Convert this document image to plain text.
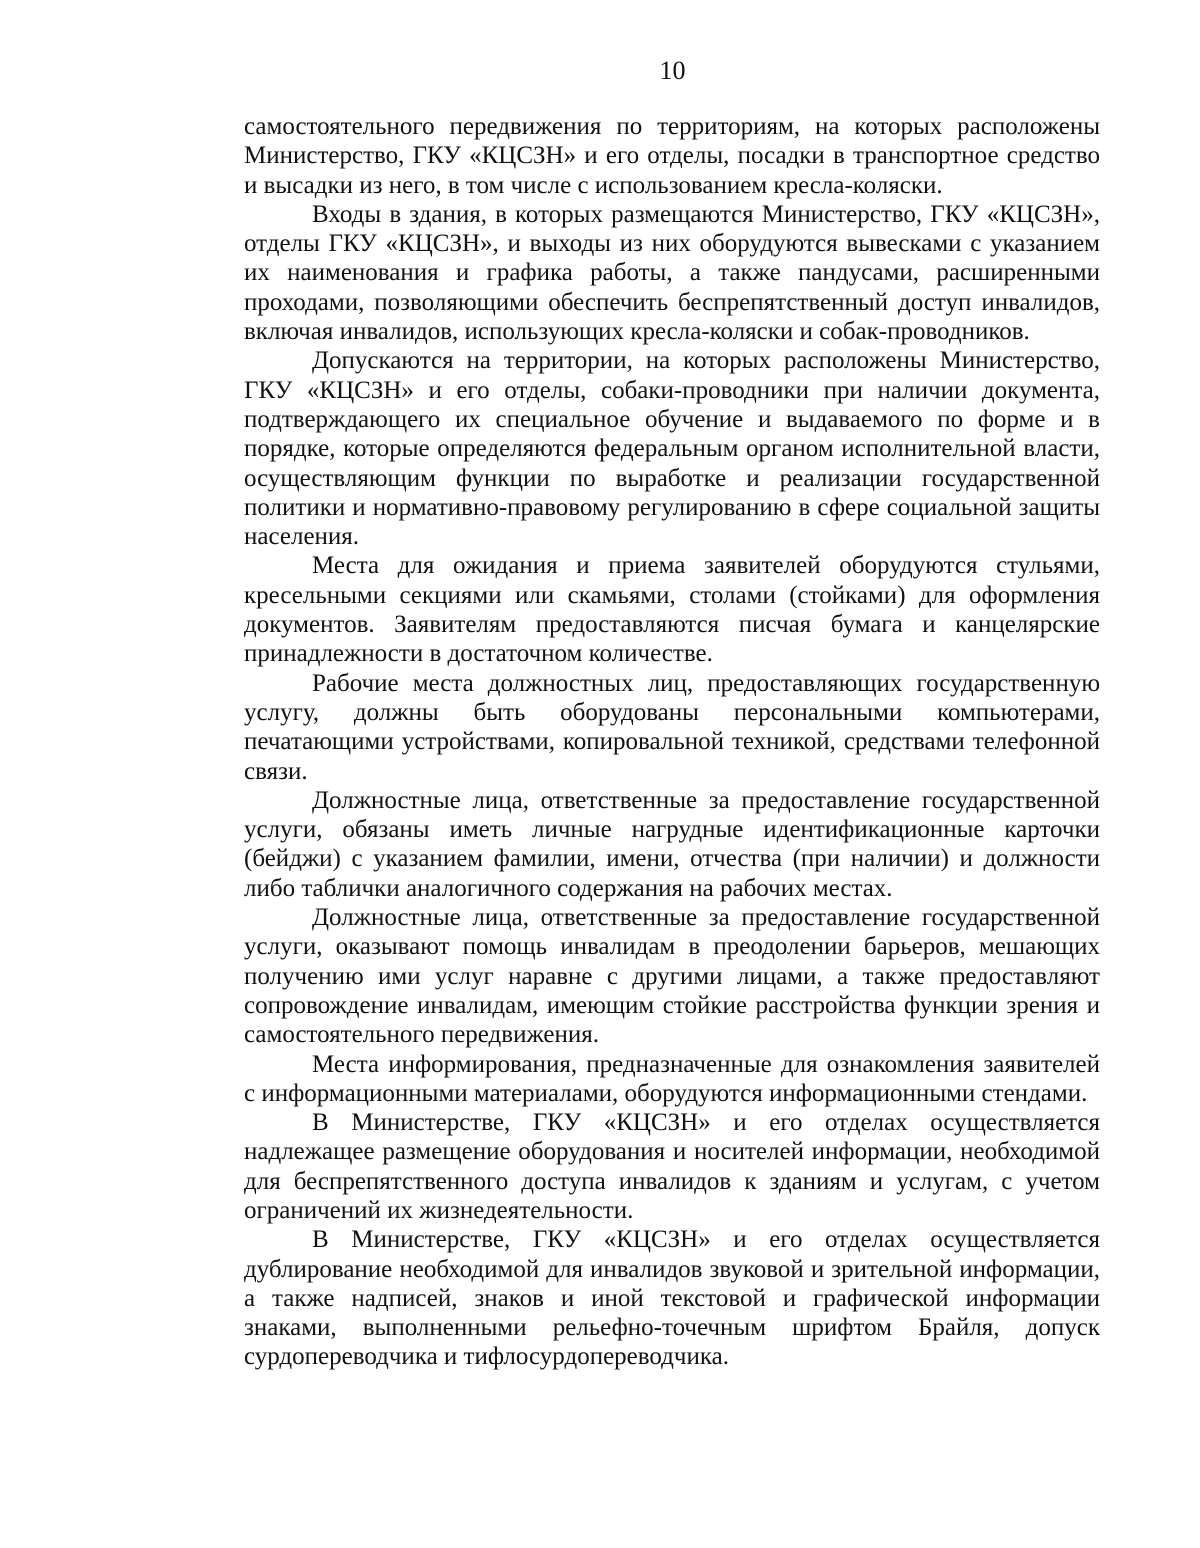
10

самостоятельного передвижения по территориям, на которых расположены Министерство, ГКУ «КЦСЗН» и его отделы, посадки в транспортное средство и высадки из него, в том числе с использованием кресла-коляски.

Входы в здания, в которых размещаются Министерство, ГКУ «КЦСЗН», отделы ГКУ «КЦСЗН», и выходы из них оборудуются вывесками с указанием их наименования и графика работы, а также пандусами, расширенными проходами, позволяющими обеспечить беспрепятственный доступ инвалидов, включая инвалидов, использующих кресла-коляски и собак-проводников.

Допускаются на территории, на которых расположены Министерство, ГКУ «КЦСЗН» и его отделы, собаки-проводники при наличии документа, подтверждающего их специальное обучение и выдаваемого по форме и в порядке, которые определяются федеральным органом исполнительной власти, осуществляющим функции по выработке и реализации государственной политики и нормативно-правовому регулированию в сфере социальной защиты населения.

Места для ожидания и приема заявителей оборудуются стульями, кресельными секциями или скамьями, столами (стойками) для оформления документов. Заявителям предоставляются писчая бумага и канцелярские принадлежности в достаточном количестве.

Рабочие места должностных лиц, предоставляющих государственную услугу, должны быть оборудованы персональными компьютерами, печатающими устройствами, копировальной техникой, средствами телефонной связи.

Должностные лица, ответственные за предоставление государственной услуги, обязаны иметь личные нагрудные идентификационные карточки (бейджи) с указанием фамилии, имени, отчества (при наличии) и должности либо таблички аналогичного содержания на рабочих местах.

Должностные лица, ответственные за предоставление государственной услуги, оказывают помощь инвалидам в преодолении барьеров, мешающих получению ими услуг наравне с другими лицами, а также предоставляют сопровождение инвалидам, имеющим стойкие расстройства функции зрения и самостоятельного передвижения.

Места информирования, предназначенные для ознакомления заявителей с информационными материалами, оборудуются информационными стендами.

В Министерстве, ГКУ «КЦСЗН» и его отделах осуществляется надлежащее размещение оборудования и носителей информации, необходимой для беспрепятственного доступа инвалидов к зданиям и услугам, с учетом ограничений их жизнедеятельности.

В Министерстве, ГКУ «КЦСЗН» и его отделах осуществляется дублирование необходимой для инвалидов звуковой и зрительной информации, а также надписей, знаков и иной текстовой и графической информации знаками, выполненными рельефно-точечным шрифтом Брайля, допуск сурдопереводчика и тифлосурдопереводчика.
